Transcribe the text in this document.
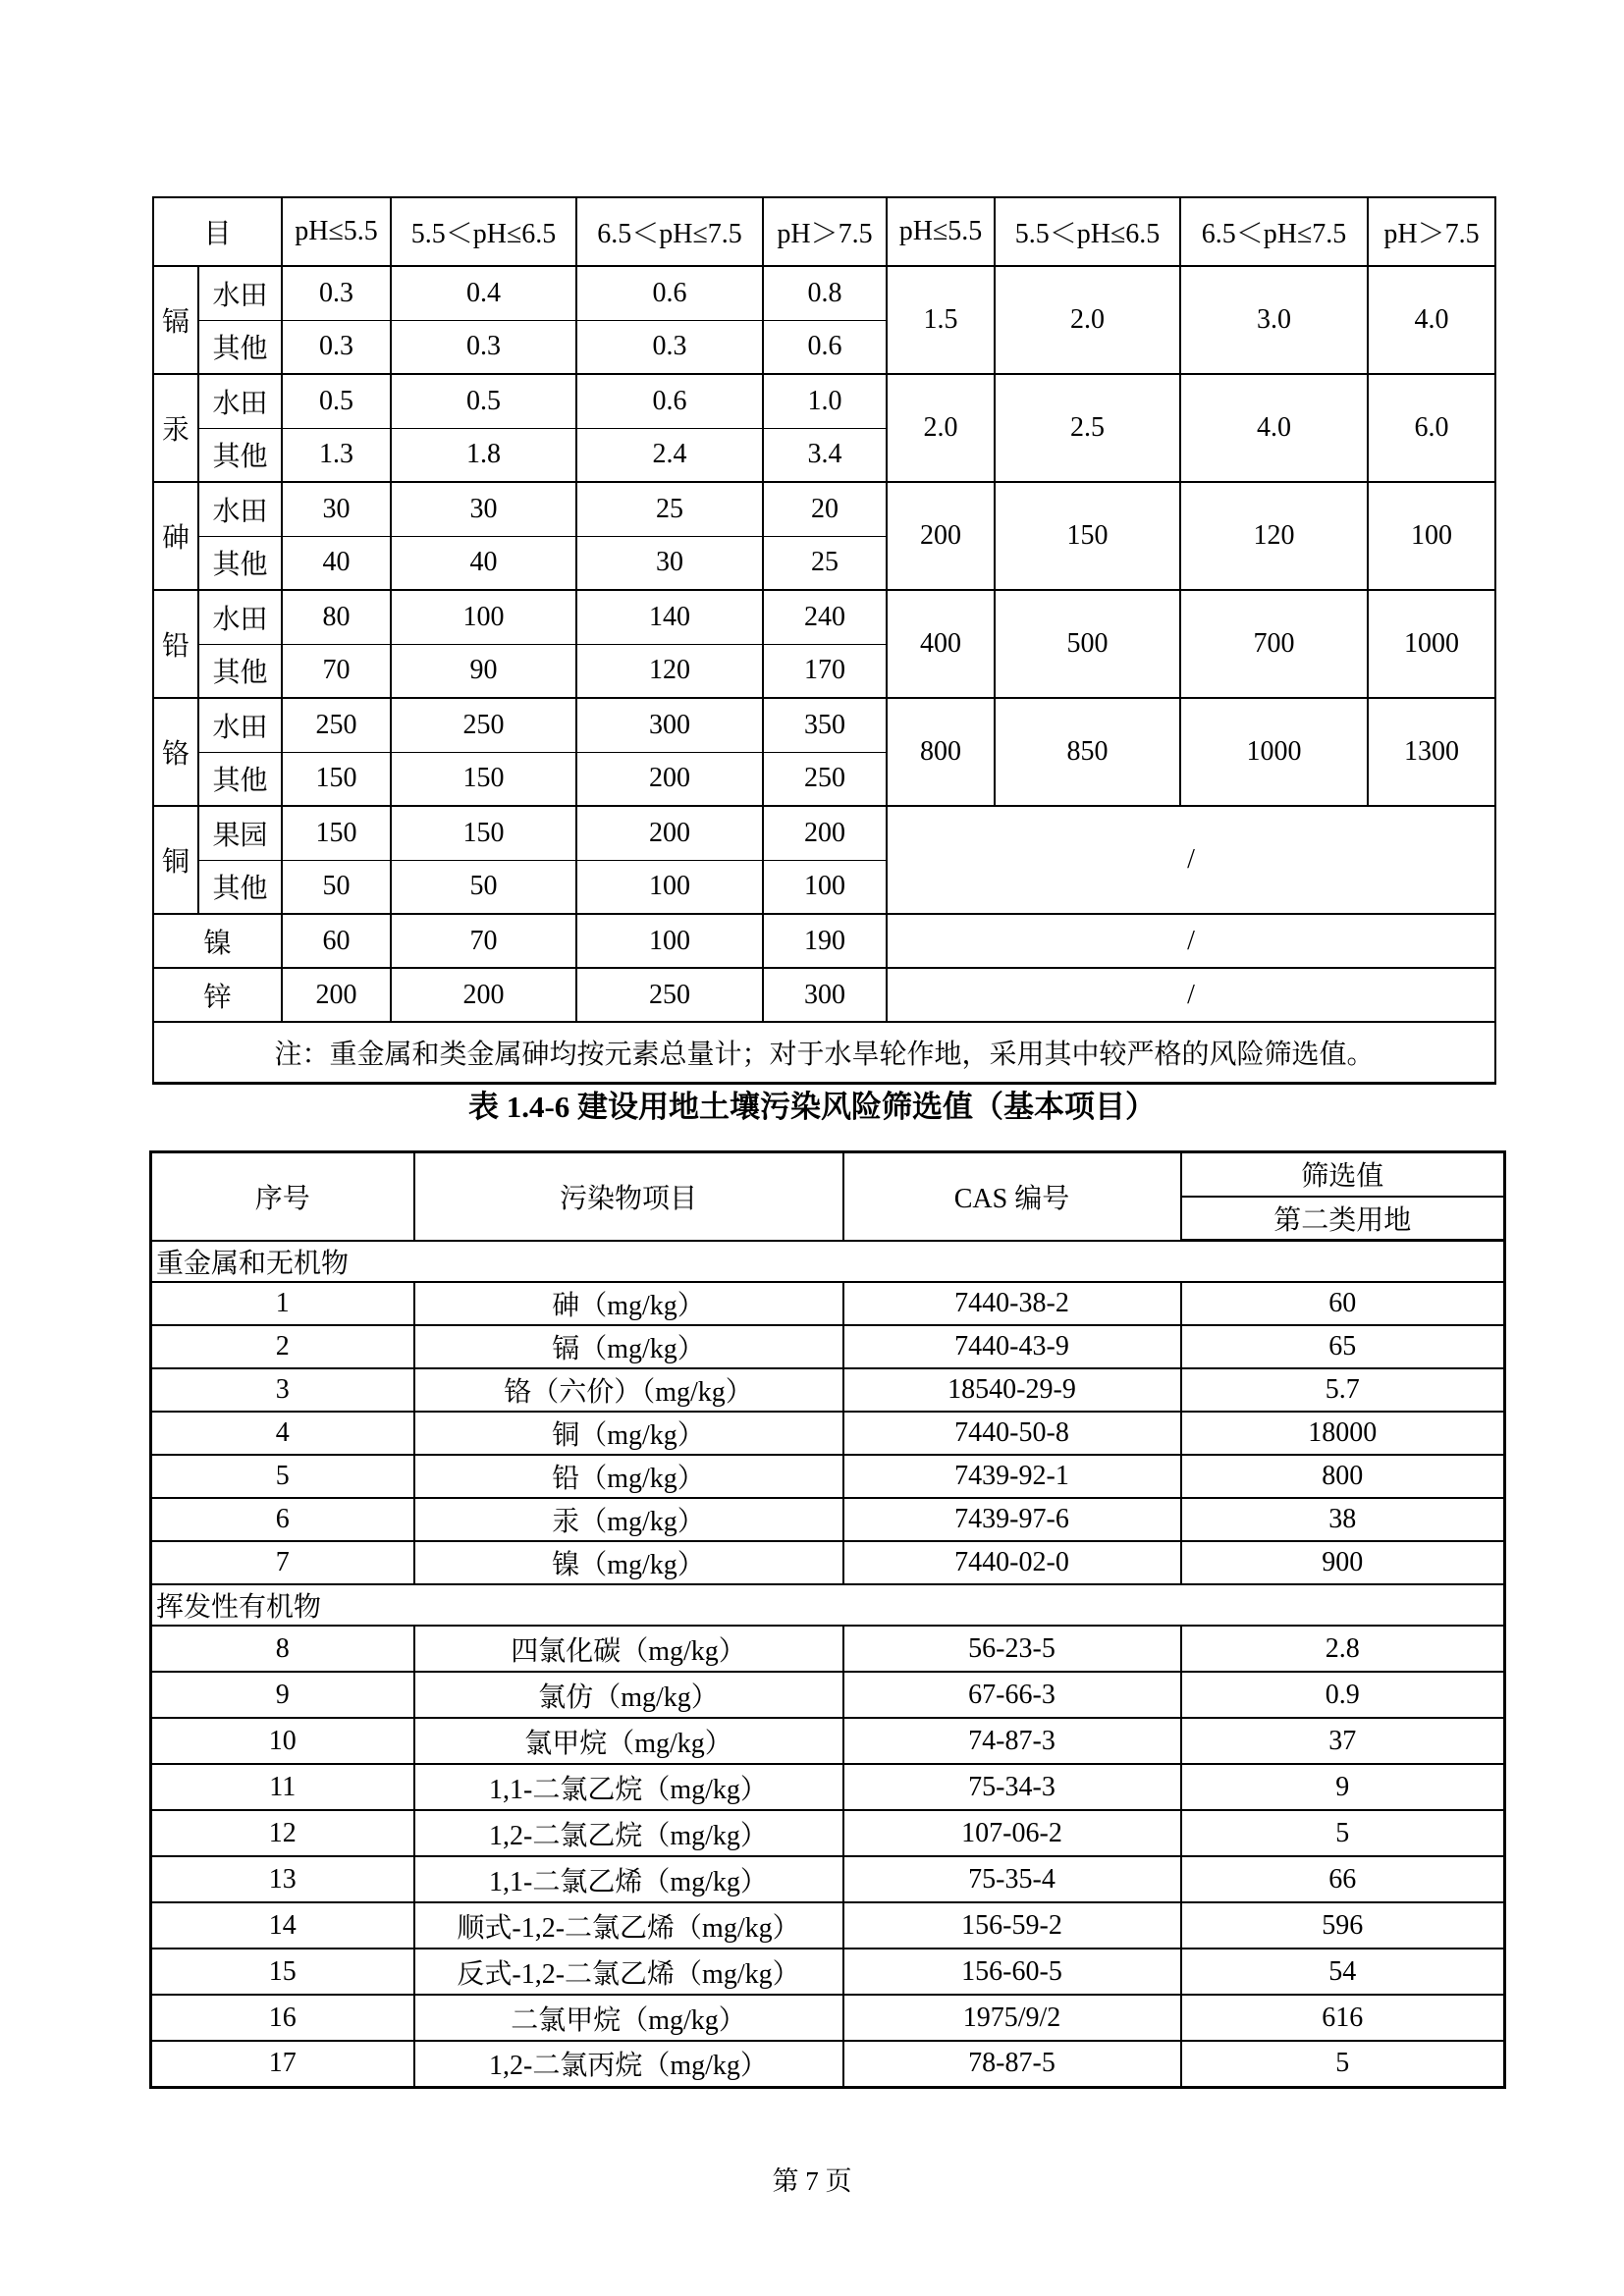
目		pH≤5.5	5.5＜pH≤6.5	6.5＜pH≤7.5	pH＞7.5	pH≤5.5	5.5＜pH≤6.5	6.5＜pH≤7.5	pH＞7.5
镉	水田	0.3	0.4	0.6	0.8	1.5	2.0	3.0	4.0
	其他	0.3	0.3	0.3	0.6				
汞	水田	0.5	0.5	0.6	1.0	2.0	2.5	4.0	6.0
	其他	1.3	1.8	2.4	3.4				
砷	水田	30	30	25	20	200	150	120	100
	其他	40	40	30	25				
铅	水田	80	100	140	240	400	500	700	1000
	其他	70	90	120	170				
铬	水田	250	250	300	350	800	850	1000	1300
	其他	150	150	200	250				
铜	果园	150	150	200	200	/			
	其他	50	50	100	100				
镍		60	70	100	190	/			
锌		200	200	250	300	/			
注：重金属和类金属砷均按元素总量计；对于水旱轮作地，采用其中较严格的风险筛选值。									
表 1.4-6 建设用地土壤污染风险筛选值（基本项目）
序号	污染物项目	CAS 编号	筛选值
			第二类用地
重金属和无机物			
1	砷（mg/kg）	7440-38-2	60
2	镉（mg/kg）	7440-43-9	65
3	铬（六价）（mg/kg）	18540-29-9	5.7
4	铜（mg/kg）	7440-50-8	18000
5	铅（mg/kg）	7439-92-1	800
6	汞（mg/kg）	7439-97-6	38
7	镍（mg/kg）	7440-02-0	900
挥发性有机物			
8	四氯化碳（mg/kg）	56-23-5	2.8
9	氯仿（mg/kg）	67-66-3	0.9
10	氯甲烷（mg/kg）	74-87-3	37
11	1,1-二氯乙烷（mg/kg）	75-34-3	9
12	1,2-二氯乙烷（mg/kg）	107-06-2	5
13	1,1-二氯乙烯（mg/kg）	75-35-4	66
14	顺式-1,2-二氯乙烯（mg/kg）	156-59-2	596
15	反式-1,2-二氯乙烯（mg/kg）	156-60-5	54
16	二氯甲烷（mg/kg）	1975/9/2	616
17	1,2-二氯丙烷（mg/kg）	78-87-5	5
第 7 页
